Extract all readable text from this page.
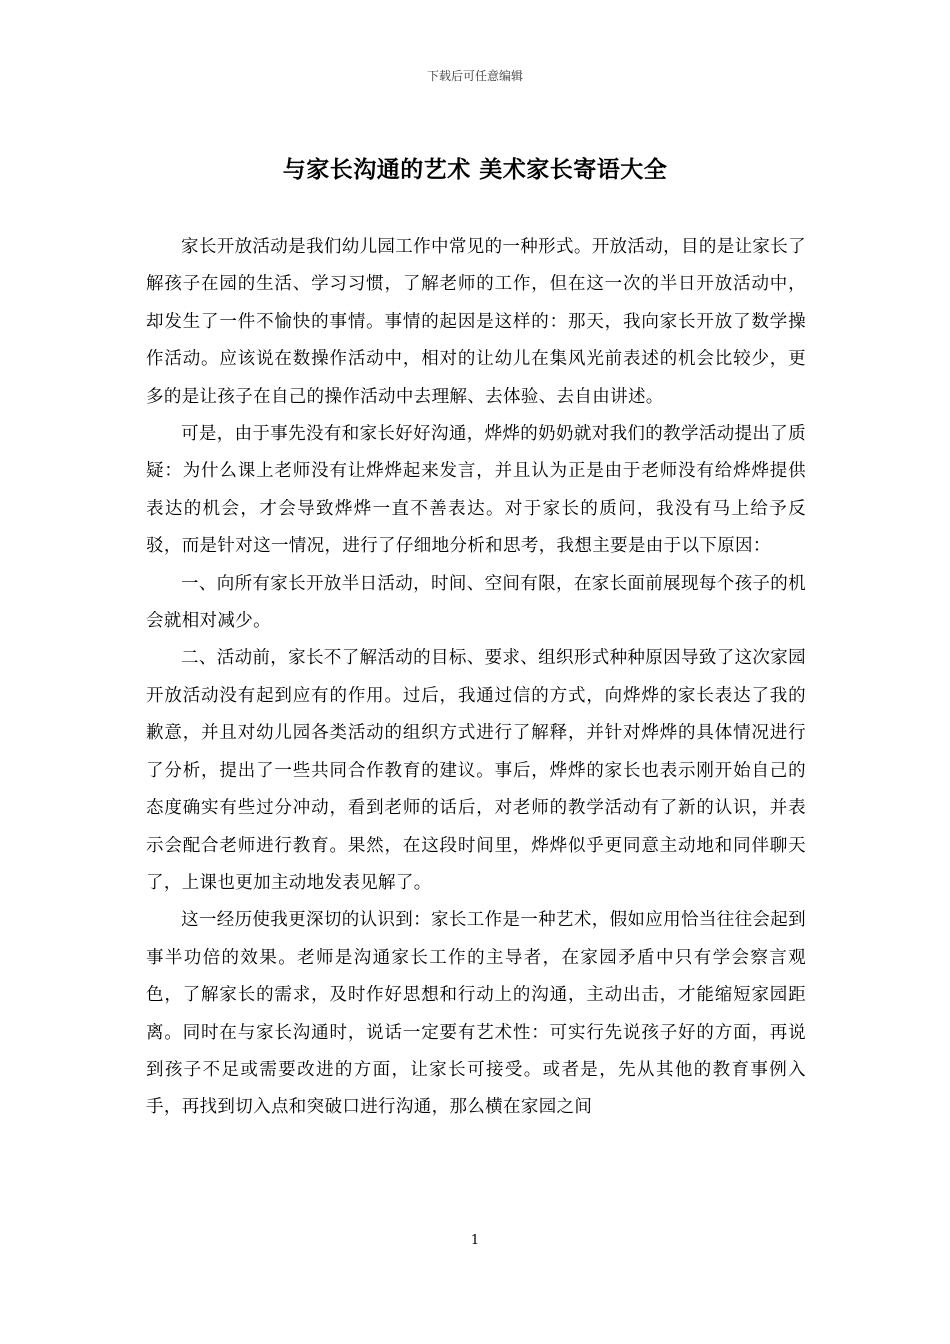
下载后可任意编辑
与家长沟通的艺术 美术家长寄语大全

家长开放活动是我们幼儿园工作中常见的一种形式。开放活动，目的是让家长了解孩子在园的生活、学习习惯，了解老师的工作，但在这一次的半日开放活动中，却发生了一件不愉快的事情。事情的起因是这样的：那天，我向家长开放了数学操作活动。应该说在数操作活动中，相对的让幼儿在集风光前表述的机会比较少，更多的是让孩子在自己的操作活动中去理解、去体验、去自由讲述。

可是，由于事先没有和家长好好沟通，烨烨的奶奶就对我们的教学活动提出了质疑：为什么课上老师没有让烨烨起来发言，并且认为正是由于老师没有给烨烨提供表达的机会，才会导致烨烨一直不善表达。对于家长的质问，我没有马上给予反驳，而是针对这一情况，进行了仔细地分析和思考，我想主要是由于以下原因：

一、向所有家长开放半日活动，时间、空间有限，在家长面前展现每个孩子的机会就相对减少。

二、活动前，家长不了解活动的目标、要求、组织形式种种原因导致了这次家园开放活动没有起到应有的作用。过后，我通过信的方式，向烨烨的家长表达了我的歉意，并且对幼儿园各类活动的组织方式进行了解释，并针对烨烨的具体情况进行了分析，提出了一些共同合作教育的建议。事后，烨烨的家长也表示刚开始自己的态度确实有些过分冲动，看到老师的话后，对老师的教学活动有了新的认识，并表示会配合老师进行教育。果然，在这段时间里，烨烨似乎更同意主动地和同伴聊天了，上课也更加主动地发表见解了。

这一经历使我更深切的认识到：家长工作是一种艺术，假如应用恰当往往会起到事半功倍的效果。老师是沟通家长工作的主导者，在家园矛盾中只有学会察言观色，了解家长的需求，及时作好思想和行动上的沟通，主动出击，才能缩短家园距离。同时在与家长沟通时，说话一定要有艺术性：可实行先说孩子好的方面，再说到孩子不足或需要改进的方面，让家长可接受。或者是，先从其他的教育事例入手，再找到切入点和突破口进行沟通，那么横在家园之间

1
